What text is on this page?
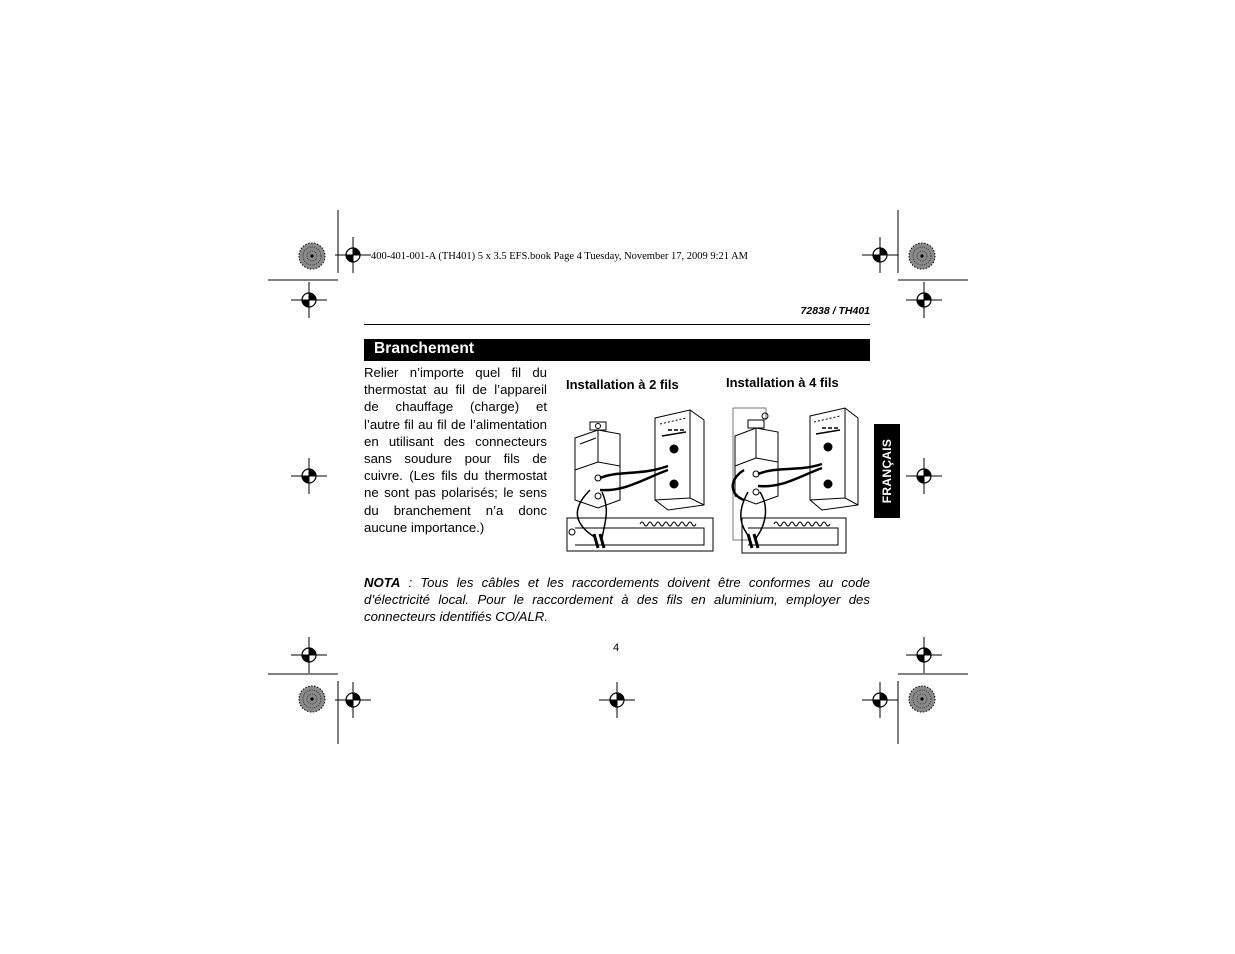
400-401-001-A (TH401) 5 x 3.5 EFS.book Page 4 Tuesday, November 17, 2009 9:21 AM
72838 / TH401
Branchement
Relier n’importe quel fil du thermostat au fil de l’appareil de chauffage (charge) et l’autre fil au fil de l’alimentation en utilisant des connecteurs sans soudure pour fils de cuivre. (Les fils du thermostat ne sont pas polarisés; le sens du branchement n’a donc aucune importance.)
Installation à 2 fils	Installation à 4 fils
FRANÇAIS
NOTA : Tous les câbles et les raccordements doivent être conformes au code d’électricité local. Pour le raccordement à des fils en aluminium, employer des connecteurs identifiés CO/ALR.
4
